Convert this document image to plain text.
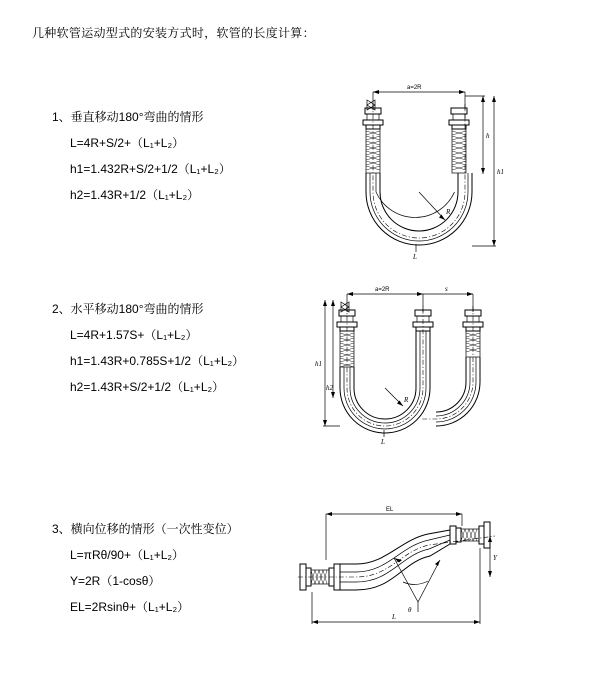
几种软管运动型式的安装方式时，软管的长度计算：
1、垂直移动180°弯曲的情形
L=4R+S/2+（L₁+L₂）
h1=1.432R+S/2+1/2（L₁+L₂）
h2=1.43R+1/2（L₁+L₂）
a=2R
R
h
h1
L
2、水平移动180°弯曲的情形
L=4R+1.57S+（L₁+L₂）
h1=1.43R+0.785S+1/2（L₁+L₂）
h2=1.43R+S/2+1/2（L₁+L₂）
a=2R	s
R
h1
h2
L
3、横向位移的情形（一次性变位）
L=πRθ/90+（L₁+L₂）
Y=2R（1-cosθ）
EL=2Rsinθ+（L₁+L₂）
EL
θ
Y
L
